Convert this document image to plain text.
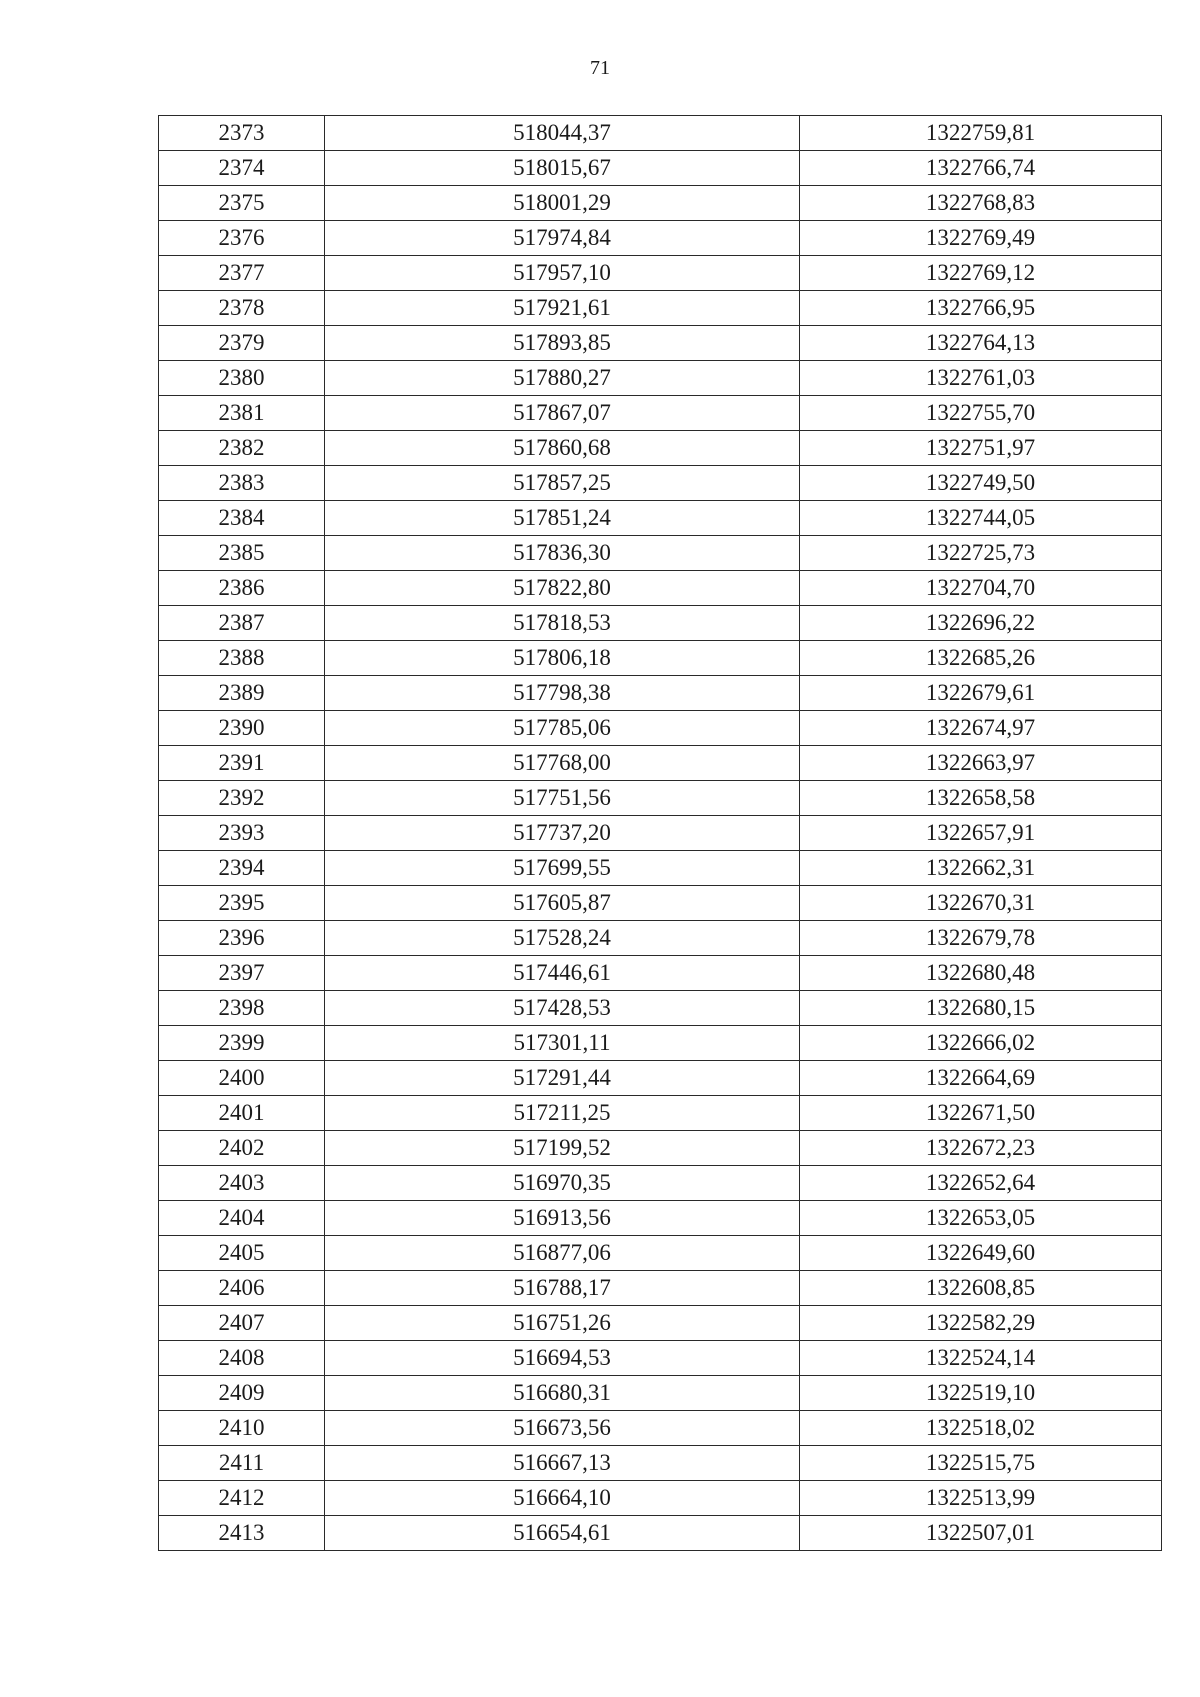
71
2373	518044,37	1322759,81
2374	518015,67	1322766,74
2375	518001,29	1322768,83
2376	517974,84	1322769,49
2377	517957,10	1322769,12
2378	517921,61	1322766,95
2379	517893,85	1322764,13
2380	517880,27	1322761,03
2381	517867,07	1322755,70
2382	517860,68	1322751,97
2383	517857,25	1322749,50
2384	517851,24	1322744,05
2385	517836,30	1322725,73
2386	517822,80	1322704,70
2387	517818,53	1322696,22
2388	517806,18	1322685,26
2389	517798,38	1322679,61
2390	517785,06	1322674,97
2391	517768,00	1322663,97
2392	517751,56	1322658,58
2393	517737,20	1322657,91
2394	517699,55	1322662,31
2395	517605,87	1322670,31
2396	517528,24	1322679,78
2397	517446,61	1322680,48
2398	517428,53	1322680,15
2399	517301,11	1322666,02
2400	517291,44	1322664,69
2401	517211,25	1322671,50
2402	517199,52	1322672,23
2403	516970,35	1322652,64
2404	516913,56	1322653,05
2405	516877,06	1322649,60
2406	516788,17	1322608,85
2407	516751,26	1322582,29
2408	516694,53	1322524,14
2409	516680,31	1322519,10
2410	516673,56	1322518,02
2411	516667,13	1322515,75
2412	516664,10	1322513,99
2413	516654,61	1322507,01
